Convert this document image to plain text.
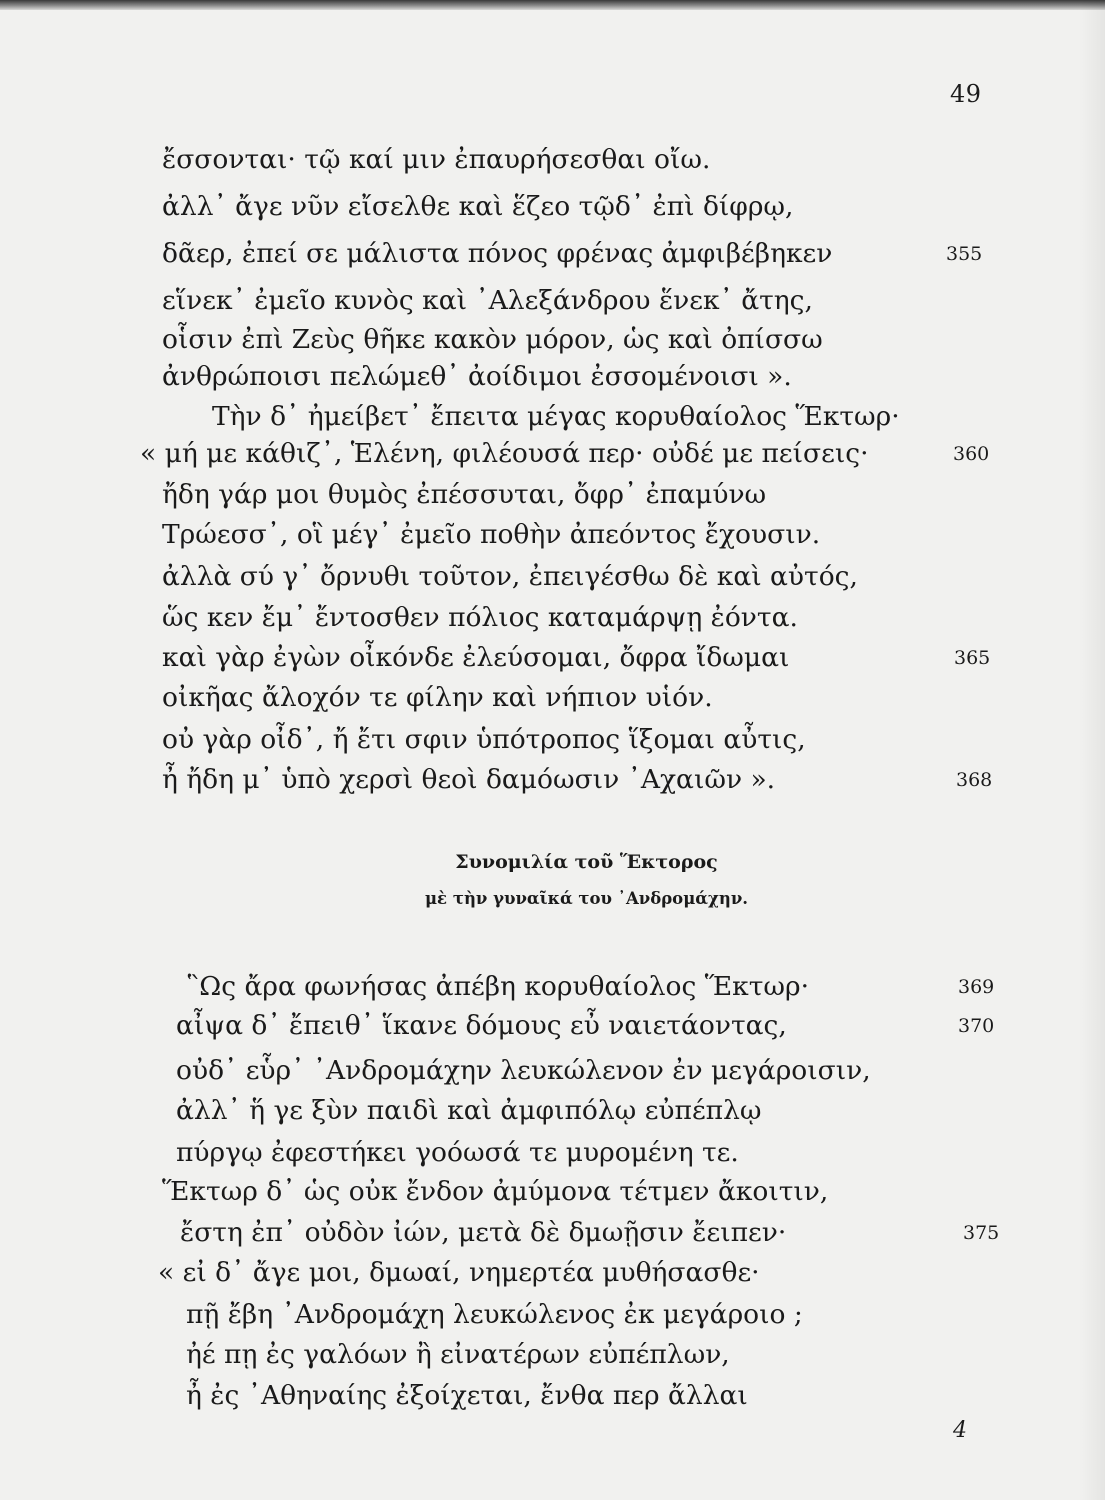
49
ἔσσονται· τῷ καί μιν ἐπαυρήσεσθαι οἴω.
ἀλλ᾽ ἄγε νῦν εἴσελθε καὶ ἕζεο τῷδ᾽ ἐπὶ δίφρῳ,
δᾶερ, ἐπεί σε μάλιστα πόνος φρένας ἀμφιβέβηκεν	355
εἵνεκ᾽ ἐμεῖο κυνὸς καὶ ᾿Αλεξάνδρου ἕνεκ᾽ ἄτης,
οἷσιν ἐπὶ Ζεὺς θῆκε κακὸν μόρον, ὡς καὶ ὀπίσσω
ἀνθρώποισι πελώμεθ᾽ ἀοίδιμοι ἐσσομένοισι ».
Τὴν δ᾽ ἠμείβετ᾽ ἔπειτα μέγας κορυθαίολος Ἕκτωρ·
« μή με κάθιζ᾽, Ἑλένη, φιλέουσά περ· οὐδέ με πείσεις·	360
ἤδη γάρ μοι θυμὸς ἐπέσσυται, ὄφρ᾽ ἐπαμύνω
Τρώεσσ᾽, οἳ μέγ᾽ ἐμεῖο ποθὴν ἀπεόντος ἔχουσιν.
ἀλλὰ σύ γ᾽ ὄρνυθι τοῦτον, ἐπειγέσθω δὲ καὶ αὐτός,
ὥς κεν ἔμ᾽ ἔντοσθεν πόλιος καταμάρψῃ ἐόντα.
καὶ γὰρ ἐγὼν οἶκόνδε ἐλεύσομαι, ὄφρα ἴδωμαι	365
οἰκῆας ἄλοχόν τε φίλην καὶ νήπιον υἱόν.
οὐ γὰρ οἶδ᾽, ἤ ἔτι σφιν ὑπότροπος ἵξομαι αὖτις,
ἦ ἤδη μ᾽ ὑπὸ χερσὶ θεοὶ δαμόωσιν ᾿Αχαιῶν ».	368
Συνομιλία τοῦ Ἕκτορος
μὲ τὴν γυναῖκά του ᾿Ανδρομάχην.
῝Ως ἄρα φωνήσας ἀπέβη κορυθαίολος Ἕκτωρ·	369
αἶψα δ᾽ ἔπειθ᾽ ἵκανε δόμους εὖ ναιετάοντας,	370
οὐδ᾽ εὗρ᾽ ᾿Ανδρομάχην λευκώλενον ἐν μεγάροισιν,
ἀλλ᾽ ἥ γε ξὺν παιδὶ καὶ ἀμφιπόλῳ εὐπέπλῳ
πύργῳ ἐφεστήκει γοόωσά τε μυρομένη τε.
Ἕκτωρ δ᾽ ὡς οὐκ ἔνδον ἀμύμονα τέτμεν ἄκοιτιν,
ἔστη ἐπ᾽ οὐδὸν ἰών, μετὰ δὲ δμωῇσιν ἔειπεν·	375
« εἰ δ᾽ ἄγε μοι, δμωαί, νημερτέα μυθήσασθε·
πῇ ἔβη ᾿Ανδρομάχη λευκώλενος ἐκ μεγάροιο ;
ἠέ πῃ ἐς γαλόων ἢ εἰνατέρων εὐπέπλων,
ἦ ἐς ᾿Αθηναίης ἐξοίχεται, ἔνθα περ ἄλλαι
4
